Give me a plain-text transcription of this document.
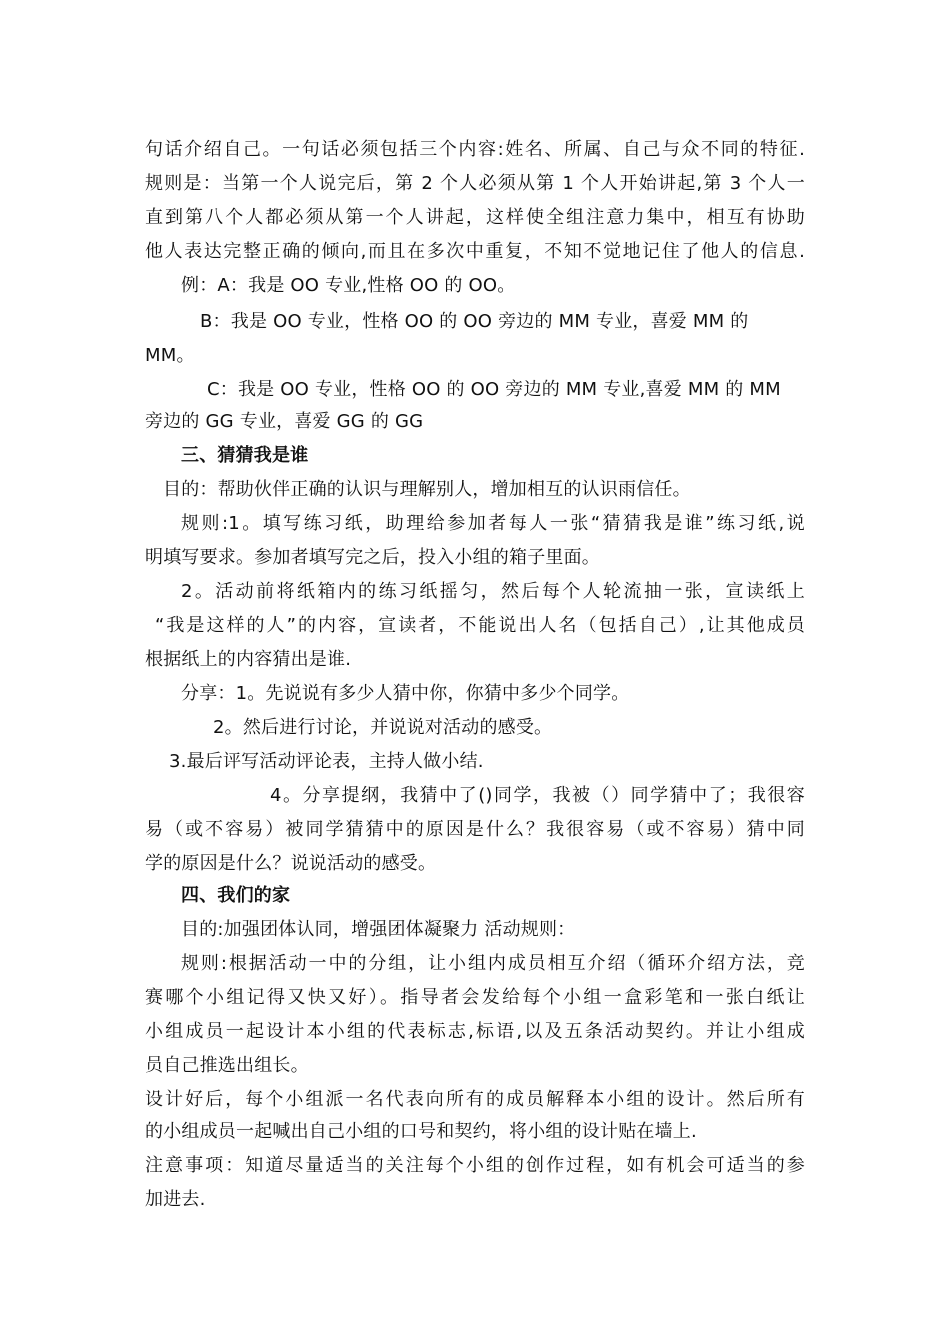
句话介绍自己。一句话必须包括三个内容:姓名、所属、自己与众不同的特征.
规则是：当第一个人说完后，第 2 个人必须从第 1 个人开始讲起,第 3 个人一
直到第八个人都必须从第一个人讲起，这样使全组注意力集中，相互有协助
他人表达完整正确的倾向,而且在多次中重复，不知不觉地记住了他人的信息.
例：A：我是 OO 专业,性格 OO 的 OO。
B：我是 OO 专业，性格 OO 的 OO 旁边的 MM 专业，喜爱 MM 的
MM。
C：我是 OO 专业，性格 OO 的 OO 旁边的 MM 专业,喜爱 MM 的 MM
旁边的 GG 专业，喜爱 GG 的 GG
三、猜猜我是谁
目的：帮助伙伴正确的认识与理解别人，增加相互的认识雨信任。
规则:1。填写练习纸，助理给参加者每人一张“猜猜我是谁”练习纸,说
明填写要求。参加者填写完之后，投入小组的箱子里面。
2。活动前将纸箱内的练习纸摇匀，然后每个人轮流抽一张，宣读纸上
“我是这样的人”的内容，宣读者，不能说出人名（包括自己）,让其他成员
根据纸上的内容猜出是谁.
分享：1。先说说有多少人猜中你，你猜中多少个同学。
2。然后进行讨论，并说说对活动的感受。
3.最后评写活动评论表，主持人做小结.
4。分享提纲，我猜中了()同学，我被（）同学猜中了；我很容
易（或不容易）被同学猜猜中的原因是什么？我很容易（或不容易）猜中同
学的原因是什么？说说活动的感受。
四、我们的家
目的:加强团体认同，增强团体凝聚力 活动规则：
规则:根据活动一中的分组，让小组内成员相互介绍（循环介绍方法，竞
赛哪个小组记得又快又好）。指导者会发给每个小组一盒彩笔和一张白纸让
小组成员一起设计本小组的代表标志,标语,以及五条活动契约。并让小组成
员自己推选出组长。
设计好后，每个小组派一名代表向所有的成员解释本小组的设计。然后所有
的小组成员一起喊出自己小组的口号和契约，将小组的设计贴在墙上.
注意事项：知道尽量适当的关注每个小组的创作过程，如有机会可适当的参
加进去.
